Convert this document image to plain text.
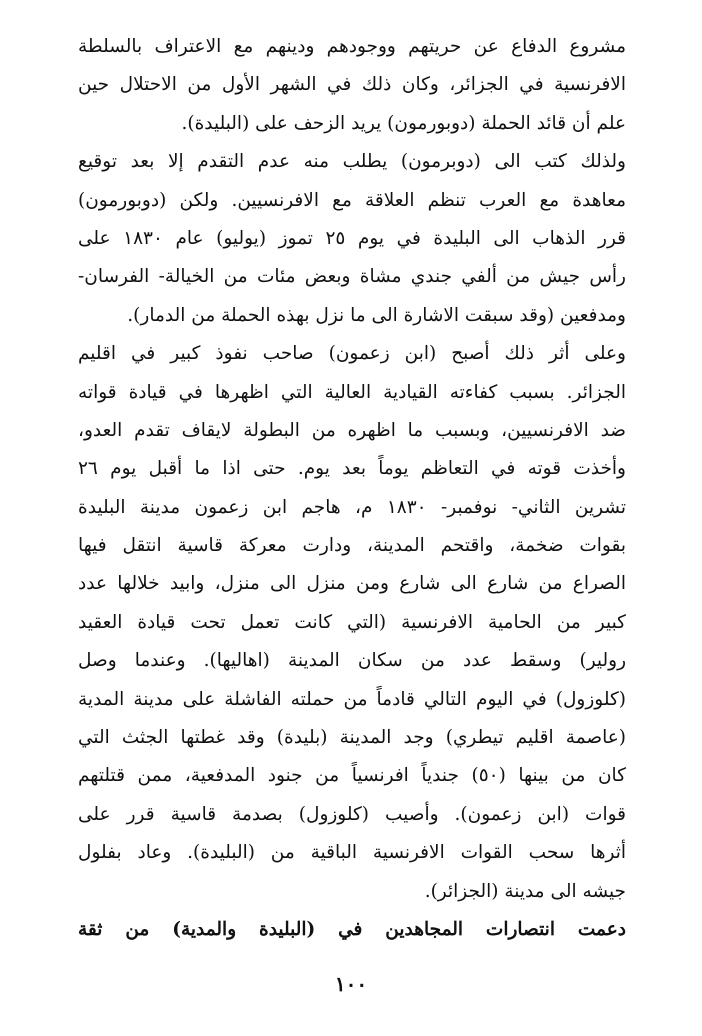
مشروع الدفاع عن حريتهم ووجودهم ودينهم مع الاعتراف بالسلطة
الافرنسية في الجزائر، وكان ذلك في الشهر الأول من الاحتلال حين
علم أن قائد الحملة (دوبورمون) يريد الزحف على (البليدة).
ولذلك كتب الى (دوبرمون) يطلب منه عدم التقدم إلا بعد توقيع
معاهدة مع العرب تنظم العلاقة مع الافرنسيين. ولكن (دوبورمون)
قرر الذهاب الى البليدة في يوم ٢٥ تموز (يوليو) عام ١٨٣٠ على
رأس جيش من ألفي جندي مشاة وبعض مئات من الخيالة- الفرسان-
ومدفعين (وقد سبقت الاشارة الى ما نزل بهذه الحملة من الدمار).
وعلى أثر ذلك أصبح (ابن زعمون) صاحب نفوذ كبير في اقليم
الجزائر. بسبب كفاءته القيادية العالية التي اظهرها في قيادة قواته
ضد الافرنسيين، وبسبب ما اظهره من البطولة لايقاف تقدم العدو،
وأخذت قوته في التعاظم يوماً بعد يوم. حتى اذا ما أقبل يوم ٢٦
تشرين الثاني- نوفمبر- ١٨٣٠ م، هاجم ابن زعمون مدينة البليدة
بقوات ضخمة، واقتحم المدينة، ودارت معركة قاسية انتقل فيها
الصراع من شارع الى شارع ومن منزل الى منزل، وابيد خلالها عدد
كبير من الحامية الافرنسية (التي كانت تعمل تحت قيادة العقيد
رولير) وسقط عدد من سكان المدينة (اهاليها). وعندما وصل
(كلوزول) في اليوم التالي قادماً من حملته الفاشلة على مدينة المدية
(عاصمة اقليم تيطري) وجد المدينة (بليدة) وقد غطتها الجثث التي
كان من بينها (٥٠) جندياً افرنسياً من جنود المدفعية، ممن قتلتهم
قوات (ابن زعمون). وأصيب (كلوزول) بصدمة قاسية قرر على
أثرها سحب القوات الافرنسية الباقية من (البليدة). وعاد بفلول
جيشه الى مدينة (الجزائر).
دعمت انتصارات المجاهدين في (البليدة والمدية) من ثقة
١٠٠
